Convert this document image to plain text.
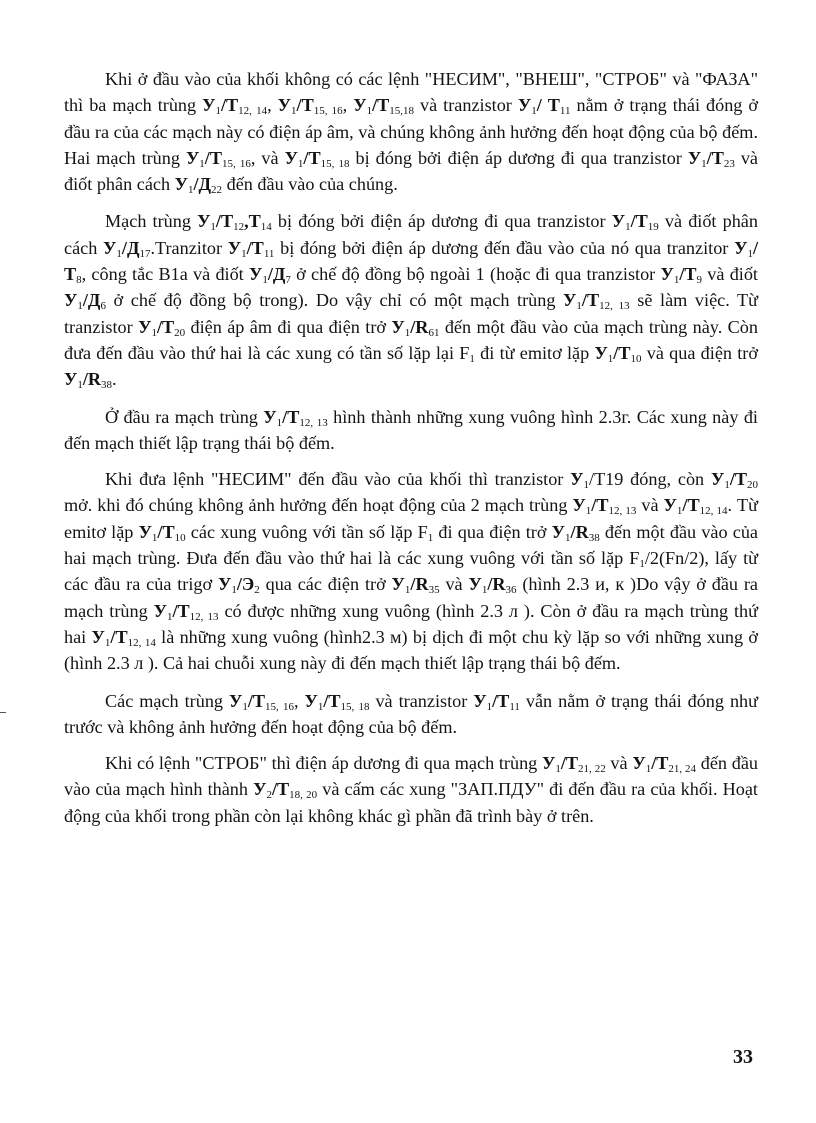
Khi ở đầu vào của khối không có các lệnh "НЕСИМ", "ВНЕШ", "СТРОБ" và "ФАЗА" thì ba mạch trùng $У_1/Т_{12, 14}$, $У_1/Т_{15, 16}$, $У_1/Т_{15,18}$ và tranzistor $У_1/$ $Т_{11}$ nằm ở trạng thái đóng ở đầu ra của các mạch này có điện áp âm, và chúng không ảnh hưởng đến hoạt động của bộ đếm. Hai mạch trùng $У_1/Т_{15, 16}$, và $У_1/Т_{15, 18}$ bị đóng bởi điện áp dương đi qua tranzistor $У_1/Т_{23}$ và điốt phân cách $У_1/Д_{22}$ đến đầu vào của chúng.

Mạch trùng $У_1/Т_{12},Т_{14}$ bị đóng bởi điện áp dương đi qua tranzistor $У_1/Т_{19}$ và điốt phân cách $У_1/Д_{17}.Tranzitor$ $У_1/Т_{11}$ bị đóng bởi điện áp dương đến đầu vào của nó qua tranzitor $У_1/Т_8$, công tắc B1a và điốt $У_1/Д_7$ ở chế độ đồng bộ ngoài 1 (hoặc đi qua tranzistor $У_1/Т_9$ và điốt $У_1/Д_6$ ở chế độ đồng bộ trong). Do vậy chỉ có một mạch trùng $У_1/Т_{12, 13}$ sẽ làm việc. Từ tranzistor $У_1/Т_{20}$ điện áp âm đi qua điện trở $У_1/R_{61}$ đến một đầu vào của mạch trùng này. Còn đưa đến đầu vào thứ hai là các xung có tần số lặp lại $F_1$ đi từ emitơ lặp $У_1/Т_{10}$ và qua điện trở $У_1/R_{38}$.

Ở đầu ra mạch trùng $У_1/Т_{12, 13}$ hình thành những xung vuông hình 2.3г. Các xung này đi đến mạch thiết lập trạng thái bộ đếm.

Khi đưa lệnh "НЕСИМ" đến đầu vào của khối thì tranzistor $У_1/Т19$ đóng, còn $У_1/Т_{20}$ mở. khi đó chúng không ảnh hưởng đến hoạt động của 2 mạch trùng $У_1/Т_{12, 13}$ và $У_1/Т_{12, 14}$. Từ emitơ lặp $У_1/Т_{10}$ các xung vuông với tần số lặp $F_1$ đi qua điện trở $У_1/R_{38}$ đến một đầu vào của hai mạch trùng. Đưa đến đầu vào thứ hai là các xung vuông với tần số lặp $F_1/2(Fn/2)$, lấy từ các đầu ra của trigơ $У_1/Э_2$ qua các điện trở $У_1/R_{35}$ và $У_1/R_{36}$ (hình 2.3 и, к )Do vậy ở đầu ra mạch trùng $У_1/Т_{12, 13}$ có được những xung vuông (hình 2.3 л ). Còn ở đầu ra mạch trùng thứ hai $У_1/Т_{12, 14}$ là những xung vuông (hình2.3 м) bị dịch đi một chu kỳ lặp so với những xung ở (hình 2.3 л ). Cả hai chuỗi xung này đi đến mạch thiết lập trạng thái bộ đếm.

Các mạch trùng $У_1/Т_{15, 16}$, $У_1/Т_{15, 18}$ và tranzistor $У_1/Т_{11}$ vẫn nằm ở trạng thái đóng như trước và không ảnh hưởng đến hoạt động của bộ đếm.

Khi có lệnh "СТРОБ" thì điện áp dương đi qua mạch trùng $У_1/Т_{21, 22}$ và $У_1/Т_{21, 24}$ đến đầu vào của mạch hình thành $У_2/Т_{18, 20}$ và cấm các xung "ЗАП.ПДУ" đi đến đầu ra của khối. Hoạt động của khối trong phần còn lại không khác gì phần đã trình bày ở trên.

33
